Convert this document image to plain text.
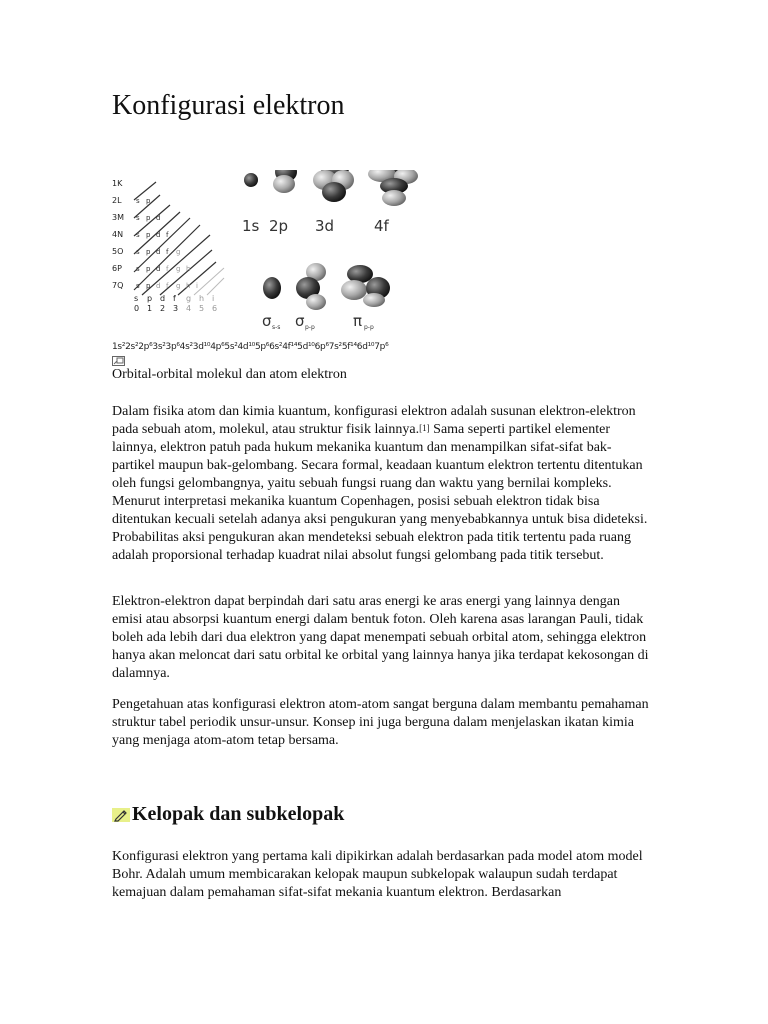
Konfigurasi elektron
1K
2L
3M
4N
5O
6P
7Q
s p
s p d
s p d f
s p d f g
s p d f g h
s p d f g h i
s p d f g h i
0 1 2 3 4 5 6
1s 2p 3d	4f
σ s-s σ p-p	π p-p
1s²2s²2p⁶3s²3p⁶4s²3d¹⁰4p⁶5s²4d¹⁰5p⁶6s²4f¹⁴5d¹⁰6p⁶7s²5f¹⁴6d¹⁰7p⁶
Orbital-orbital molekul dan atom elektron

Dalam fisika atom dan kimia kuantum, konfigurasi elektron adalah susunan elektron-elektron pada sebuah atom, molekul, atau struktur fisik lainnya.[1] Sama seperti partikel elementer lainnya, elektron patuh pada hukum mekanika kuantum dan menampilkan sifat-sifat bak-partikel maupun bak-gelombang. Secara formal, keadaan kuantum elektron tertentu ditentukan oleh fungsi gelombangnya, yaitu sebuah fungsi ruang dan waktu yang bernilai kompleks. Menurut interpretasi mekanika kuantum Copenhagen, posisi sebuah elektron tidak bisa ditentukan kecuali setelah adanya aksi pengukuran yang menyebabkannya untuk bisa dideteksi. Probabilitas aksi pengukuran akan mendeteksi sebuah elektron pada titik tertentu pada ruang adalah proporsional terhadap kuadrat nilai absolut fungsi gelombang pada titik tersebut.

Elektron-elektron dapat berpindah dari satu aras energi ke aras energi yang lainnya dengan emisi atau absorpsi kuantum energi dalam bentuk foton. Oleh karena asas larangan Pauli, tidak boleh ada lebih dari dua elektron yang dapat menempati sebuah orbital atom, sehingga elektron hanya akan meloncat dari satu orbital ke orbital yang lainnya hanya jika terdapat kekosongan di dalamnya.

Pengetahuan atas konfigurasi elektron atom-atom sangat berguna dalam membantu pemahaman struktur tabel periodik unsur-unsur. Konsep ini juga berguna dalam menjelaskan ikatan kimia yang menjaga atom-atom tetap bersama.

Kelopak dan subkelopak

Konfigurasi elektron yang pertama kali dipikirkan adalah berdasarkan pada model atom model Bohr. Adalah umum membicarakan kelopak maupun subkelopak walaupun sudah terdapat kemajuan dalam pemahaman sifat-sifat mekania kuantum elektron. Berdasarkan
